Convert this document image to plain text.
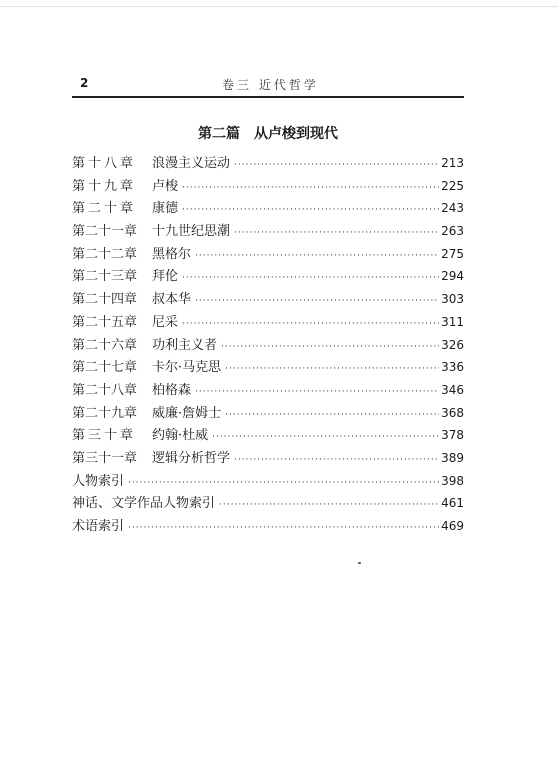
2	卷三 近代哲学
第二篇　从卢梭到现代
第十八章	浪漫主义运动 ·····	213
第十九章	卢梭 ·····	225
第二十章	康德 ·····	243
第二十一章	十九世纪思潮 ·····	263
第二十二章	黑格尔 ·····	275
第二十三章	拜伦 ·····	294
第二十四章	叔本华 ·····	303
第二十五章	尼采 ·····	311
第二十六章	功利主义者 ·····	326
第二十七章	卡尔·马克思 ·····	336
第二十八章	柏格森 ·····	346
第二十九章	威廉·詹姆士 ·····	368
第三十章	约翰·杜威 ·····	378
第三十一章	逻辑分析哲学 ·····	389
人物索引 ·····	398
神话、文学作品人物索引 ·····	461
术语索引 ·····	469
